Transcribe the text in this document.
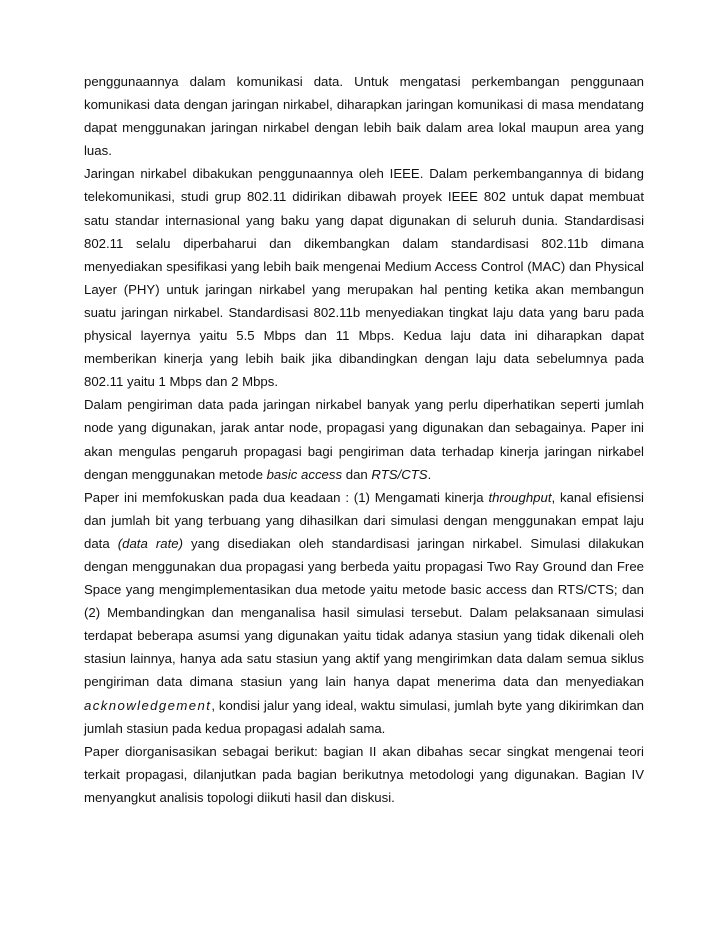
penggunaannya dalam komunikasi data. Untuk mengatasi perkembangan penggunaan komunikasi data dengan jaringan nirkabel, diharapkan jaringan komunikasi di masa mendatang dapat menggunakan jaringan nirkabel dengan lebih baik dalam area lokal maupun area yang luas.

Jaringan nirkabel dibakukan penggunaannya oleh IEEE. Dalam perkembangannya di bidang telekomunikasi, studi grup 802.11 didirikan dibawah proyek IEEE 802 untuk dapat membuat satu standar internasional yang baku yang dapat digunakan di seluruh dunia. Standardisasi 802.11 selalu diperbaharui dan dikembangkan dalam standardisasi 802.11b dimana menyediakan spesifikasi yang lebih baik mengenai Medium Access Control (MAC) dan Physical Layer (PHY) untuk jaringan nirkabel yang merupakan hal penting ketika akan membangun suatu jaringan nirkabel. Standardisasi 802.11b menyediakan tingkat laju data yang baru pada physical layernya yaitu 5.5 Mbps dan 11 Mbps. Kedua laju data ini diharapkan dapat memberikan kinerja yang lebih baik jika dibandingkan dengan laju data sebelumnya pada 802.11 yaitu 1 Mbps dan 2 Mbps.

Dalam pengiriman data pada jaringan nirkabel banyak yang perlu diperhatikan seperti jumlah node yang digunakan, jarak antar node, propagasi yang digunakan dan sebagainya. Paper ini akan mengulas pengaruh propagasi bagi pengiriman data terhadap kinerja jaringan nirkabel dengan menggunakan metode basic access dan RTS/CTS.

Paper ini memfokuskan pada dua keadaan : (1) Mengamati kinerja throughput, kanal efisiensi dan jumlah bit yang terbuang yang dihasilkan dari simulasi dengan menggunakan empat laju data (data rate) yang disediakan oleh standardisasi jaringan nirkabel. Simulasi dilakukan dengan menggunakan dua propagasi yang berbeda yaitu propagasi Two Ray Ground dan Free Space yang mengimplementasikan dua metode yaitu metode basic access dan RTS/CTS; dan (2) Membandingkan dan menganalisa hasil simulasi tersebut. Dalam pelaksanaan simulasi terdapat beberapa asumsi yang digunakan yaitu tidak adanya stasiun yang tidak dikenali oleh stasiun lainnya, hanya ada satu stasiun yang aktif yang mengirimkan data dalam semua siklus pengiriman data dimana stasiun yang lain hanya dapat menerima data dan menyediakan acknowledgement, kondisi jalur yang ideal, waktu simulasi, jumlah byte yang dikirimkan dan jumlah stasiun pada kedua propagasi adalah sama.

Paper diorganisasikan sebagai berikut: bagian II akan dibahas secar singkat mengenai teori terkait propagasi, dilanjutkan pada bagian berikutnya metodologi yang digunakan. Bagian IV menyangkut analisis topologi diikuti hasil dan diskusi.
